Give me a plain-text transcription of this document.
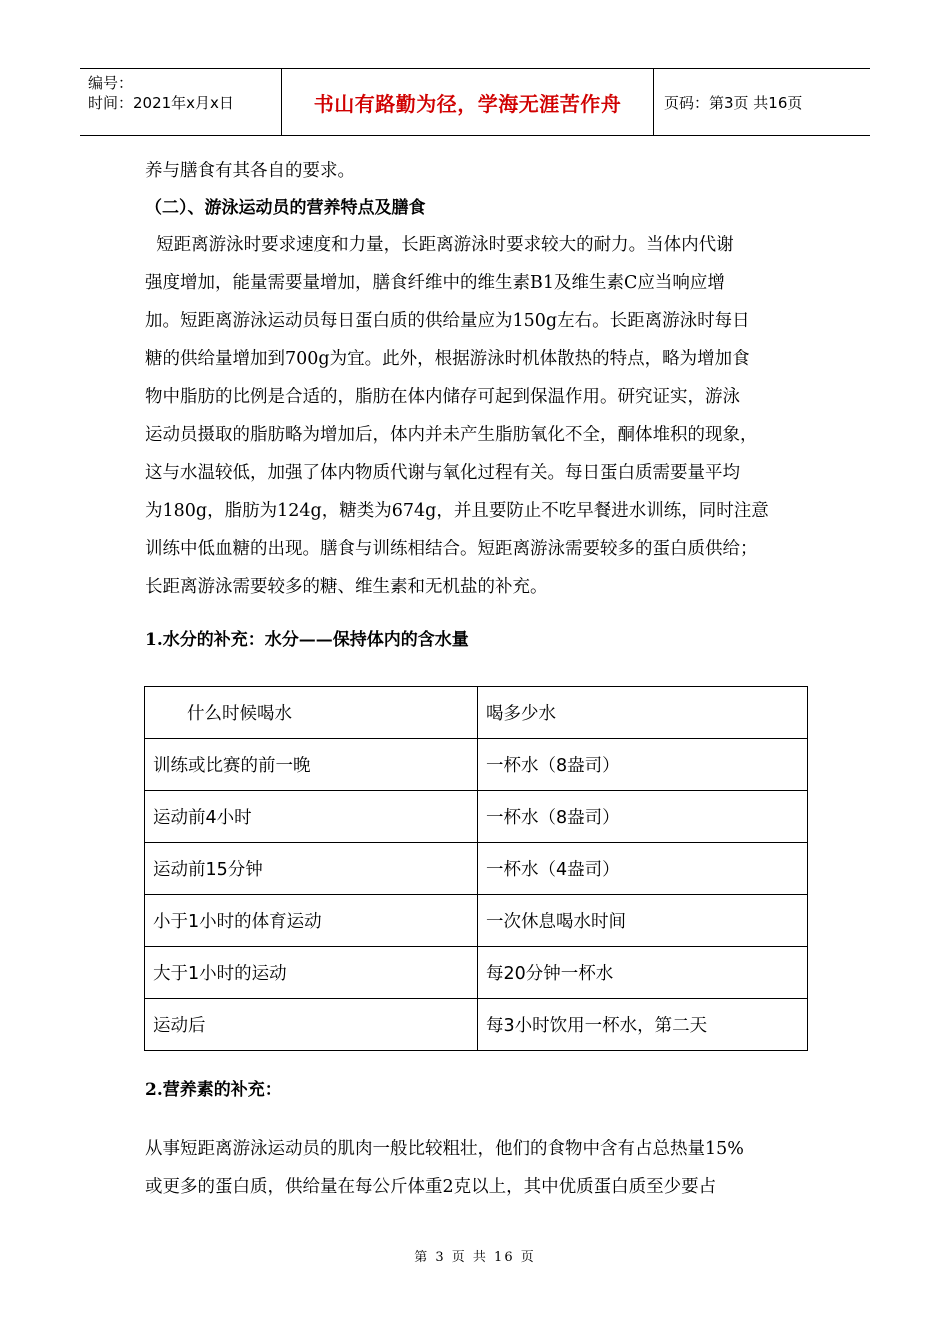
编号：
时间：2021年x月x日	书山有路勤为径，学海无涯苦作舟	页码：第3页 共16页

养与膳食有其各自的要求。

（二）、游泳运动员的营养特点及膳食

短距离游泳时要求速度和力量，长距离游泳时要求较大的耐力。当体内代谢

强度增加，能量需要量增加，膳食纤维中的维生素B1及维生素C应当响应增

加。短距离游泳运动员每日蛋白质的供给量应为150g左右。长距离游泳时每日

糖的供给量增加到700g为宜。此外，根据游泳时机体散热的特点，略为增加食

物中脂肪的比例是合适的，脂肪在体内储存可起到保温作用。研究证实，游泳

运动员摄取的脂肪略为增加后，体内并未产生脂肪氧化不全，酮体堆积的现象，

这与水温较低，加强了体内物质代谢与氧化过程有关。每日蛋白质需要量平均

为180g，脂肪为124g，糖类为674g，并且要防止不吃早餐进水训练，同时注意

训练中低血糖的出现。膳食与训练相结合。短距离游泳需要较多的蛋白质供给；

长距离游泳需要较多的糖、维生素和无机盐的补充。

1.水分的补充：水分——保持体内的含水量
什么时候喝水	喝多少水
训练或比赛的前一晚	一杯水（8盎司）
运动前4小时	一杯水（8盎司）
运动前15分钟	一杯水（4盎司）
小于1小时的体育运动	一次休息喝水时间
大于1小时的运动	每20分钟一杯水
运动后	每3小时饮用一杯水，第二天
2.营养素的补充：

从事短距离游泳运动员的肌肉一般比较粗壮，他们的食物中含有占总热量15%

或更多的蛋白质，供给量在每公斤体重2克以上，其中优质蛋白质至少要占

第 3 页 共 16 页
